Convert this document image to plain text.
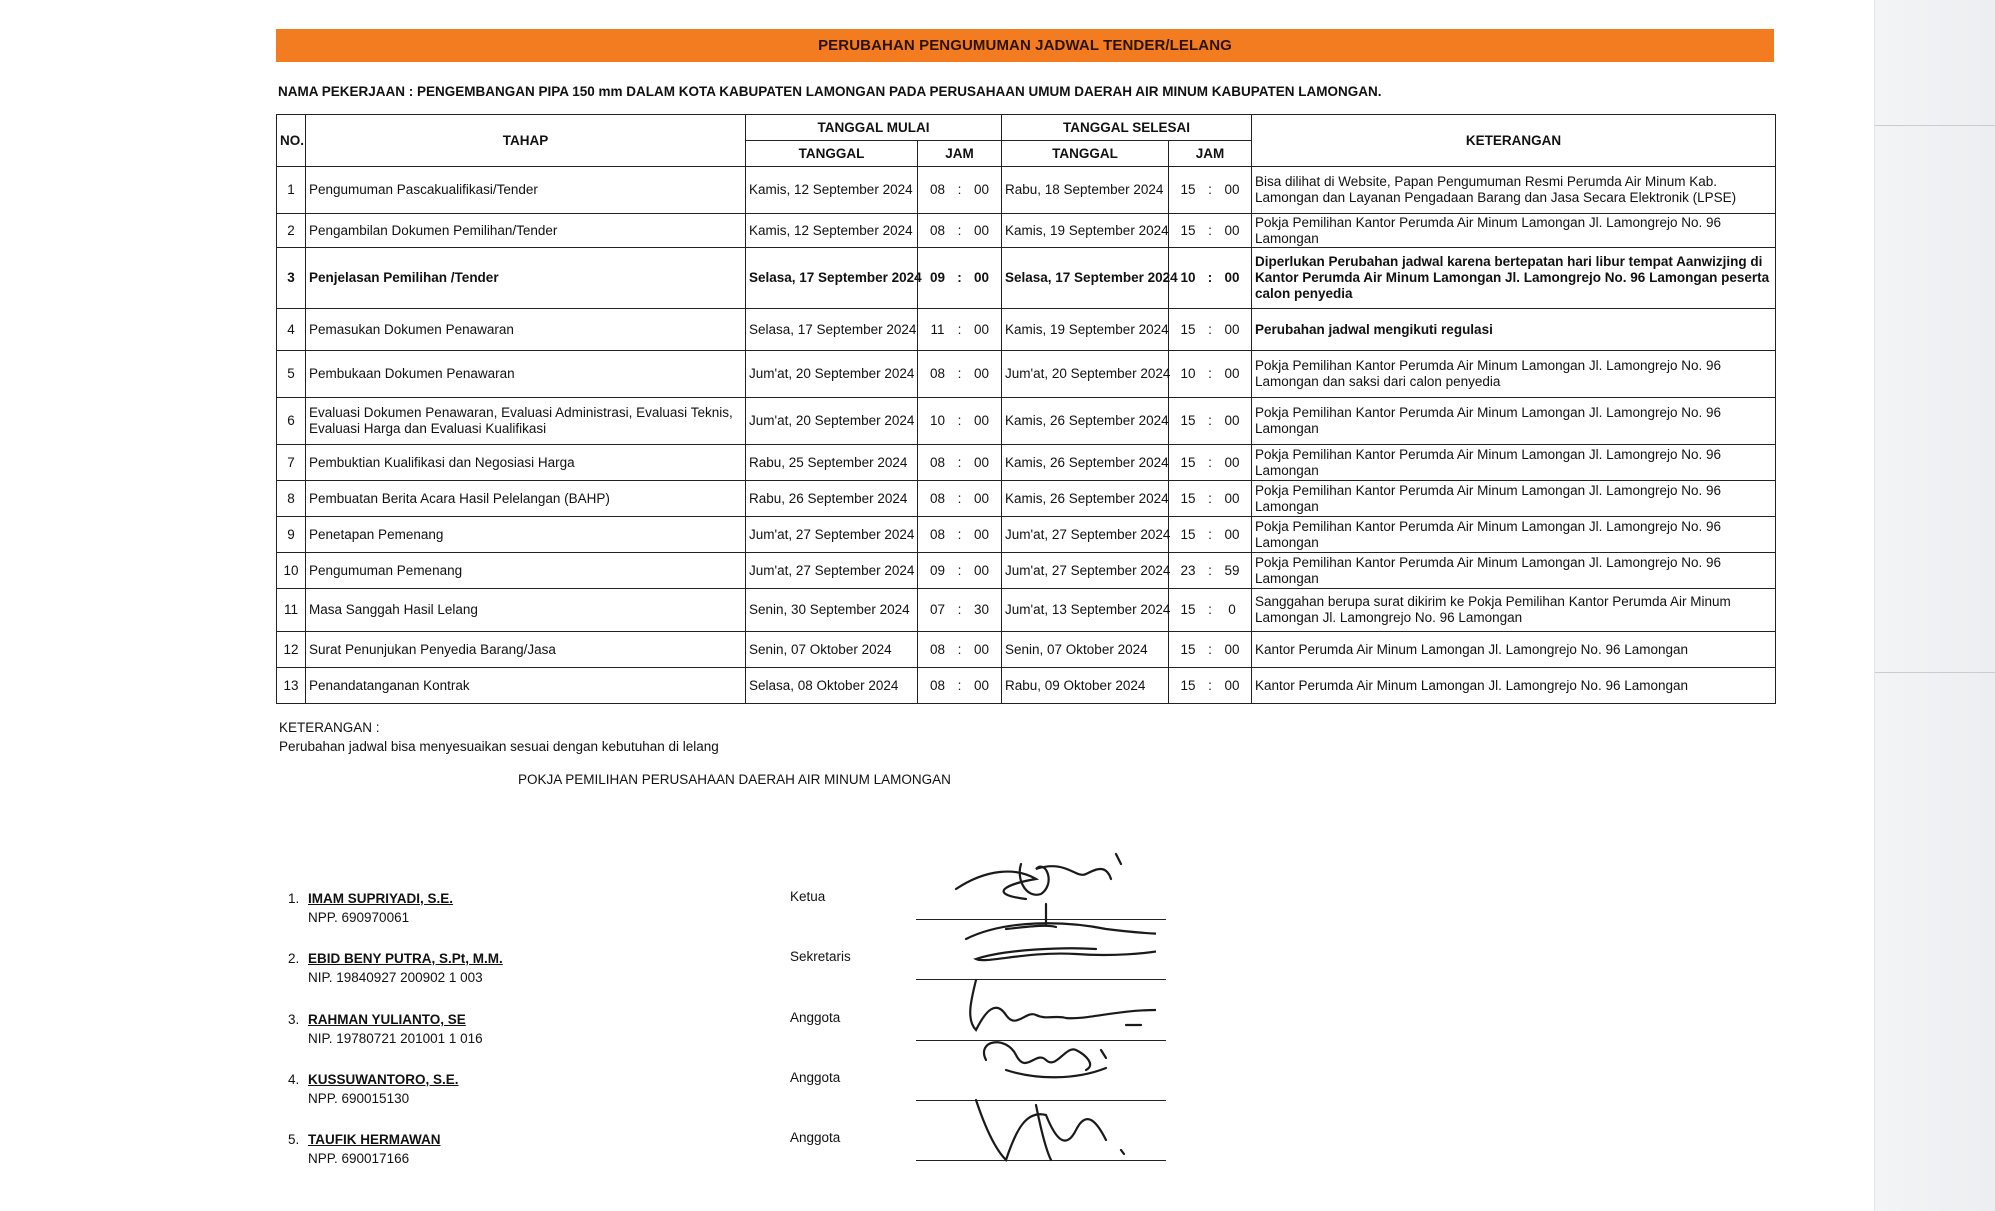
PERUBAHAN PENGUMUMAN JADWAL TENDER/LELANG
NAMA PEKERJAAN : PENGEMBANGAN PIPA 150 mm DALAM KOTA KABUPATEN LAMONGAN PADA PERUSAHAAN UMUM DAERAH AIR MINUM KABUPATEN LAMONGAN.
NO.	TAHAP	TANGGAL MULAI		TANGGAL SELESAI		KETERANGAN
		TANGGAL	JAM	TANGGAL	JAM	
1	Pengumuman Pascakualifikasi/Tender	Kamis, 12 September 2024	08 : 00	Rabu, 18 September 2024	15 : 00	Bisa dilihat di Website, Papan Pengumuman Resmi Perumda Air Minum Kab. Lamongan dan Layanan Pengadaan Barang dan Jasa Secara Elektronik (LPSE)
2	Pengambilan Dokumen Pemilihan/Tender	Kamis, 12 September 2024	08 : 00	Kamis, 19 September 2024	15 : 00	Pokja Pemilihan Kantor Perumda Air Minum Lamongan Jl. Lamongrejo No. 96 Lamongan
3	Penjelasan Pemilihan /Tender	Selasa, 17 September 2024	09 : 00	Selasa, 17 September 2024	10 : 00	Diperlukan Perubahan jadwal karena bertepatan hari libur tempat Aanwizjing di Kantor Perumda Air Minum Lamongan Jl. Lamongrejo No. 96 Lamongan peserta calon penyedia
4	Pemasukan Dokumen Penawaran	Selasa, 17 September 2024	11 : 00	Kamis, 19 September 2024	15 : 00	Perubahan jadwal mengikuti regulasi
5	Pembukaan Dokumen Penawaran	Jum'at, 20 September 2024	08 : 00	Jum'at, 20 September 2024	10 : 00	Pokja Pemilihan Kantor Perumda Air Minum Lamongan Jl. Lamongrejo No. 96 Lamongan dan saksi dari calon penyedia
6	Evaluasi Dokumen Penawaran, Evaluasi Administrasi, Evaluasi Teknis, Evaluasi Harga dan Evaluasi Kualifikasi	Jum'at, 20 September 2024	10 : 00	Kamis, 26 September 2024	15 : 00	Pokja Pemilihan Kantor Perumda Air Minum Lamongan Jl. Lamongrejo No. 96 Lamongan
7	Pembuktian Kualifikasi dan Negosiasi Harga	Rabu, 25 September 2024	08 : 00	Kamis, 26 September 2024	15 : 00	Pokja Pemilihan Kantor Perumda Air Minum Lamongan Jl. Lamongrejo No. 96 Lamongan
8	Pembuatan Berita Acara Hasil Pelelangan (BAHP)	Rabu, 26 September 2024	08 : 00	Kamis, 26 September 2024	15 : 00	Pokja Pemilihan Kantor Perumda Air Minum Lamongan Jl. Lamongrejo No. 96 Lamongan
9	Penetapan Pemenang	Jum'at, 27 September 2024	08 : 00	Jum'at, 27 September 2024	15 : 00	Pokja Pemilihan Kantor Perumda Air Minum Lamongan Jl. Lamongrejo No. 96 Lamongan
10	Pengumuman Pemenang	Jum'at, 27 September 2024	09 : 00	Jum'at, 27 September 2024	23 : 59	Pokja Pemilihan Kantor Perumda Air Minum Lamongan Jl. Lamongrejo No. 96 Lamongan
11	Masa Sanggah Hasil Lelang	Senin, 30 September 2024	07 : 30	Jum'at, 13 September 2024	15 : 0	Sanggahan berupa surat dikirim ke Pokja Pemilihan Kantor Perumda Air Minum Lamongan Jl. Lamongrejo No. 96 Lamongan
12	Surat Penunjukan Penyedia Barang/Jasa	Senin, 07 Oktober 2024	08 : 00	Senin, 07 Oktober 2024	15 : 00	Kantor Perumda Air Minum Lamongan Jl. Lamongrejo No. 96 Lamongan
13	Penandatanganan Kontrak	Selasa, 08 Oktober 2024	08 : 00	Rabu, 09 Oktober 2024	15 : 00	Kantor Perumda Air Minum Lamongan Jl. Lamongrejo No. 96 Lamongan
KETERANGAN :
Perubahan jadwal bisa menyesuaikan sesuai dengan kebutuhan di lelang
POKJA PEMILIHAN PERUSAHAAN DAERAH AIR MINUM LAMONGAN
1. IMAM SUPRIYADI, S.E.
NPP. 690970061
Ketua
2. EBID BENY PUTRA, S.Pt, M.M.
NIP. 19840927 200902 1 003
Sekretaris
3. RAHMAN YULIANTO, SE
NIP. 19780721 201001 1 016
Anggota
4. KUSSUWANTORO, S.E.
NPP. 690015130
Anggota
5. TAUFIK HERMAWAN
NPP. 690017166
Anggota
